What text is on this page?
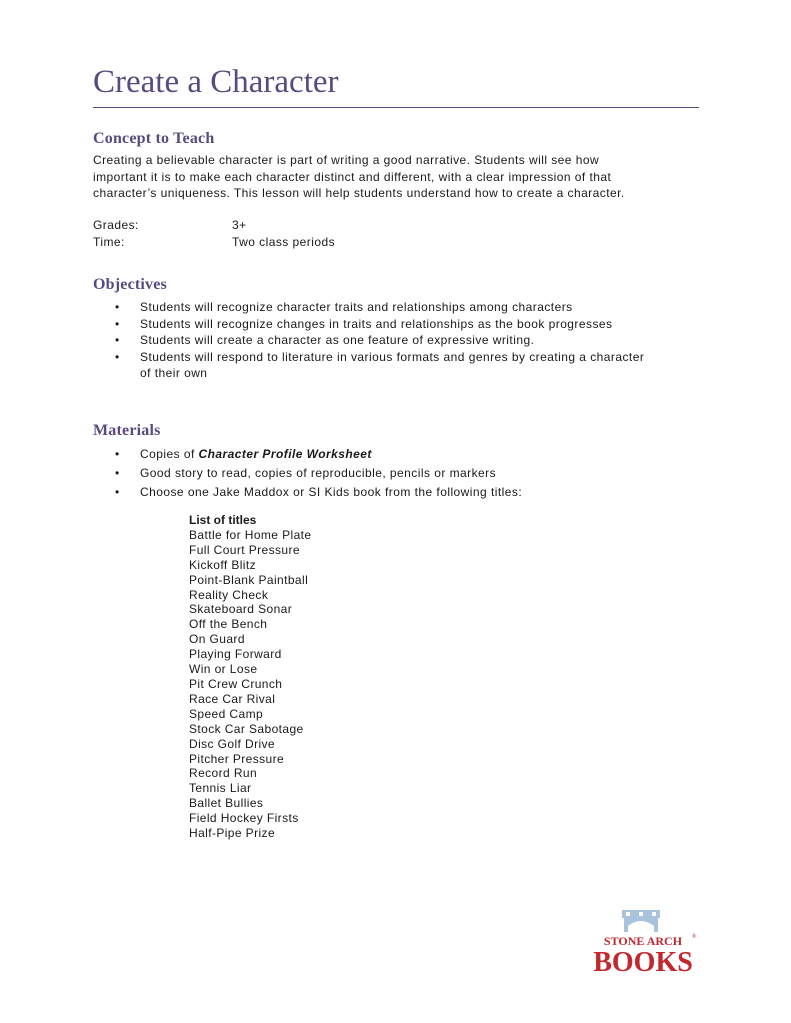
Create a Character
Concept to Teach
Creating a believable character is part of writing a good narrative. Students will see how
important it is to make each character distinct and different, with a clear impression of that
character’s uniqueness. This lesson will help students understand how to create a character.
Grades:	3+
Time:	Two class periods
Objectives
• Students will recognize character traits and relationships among characters
• Students will recognize changes in traits and relationships as the book progresses
• Students will create a character as one feature of expressive writing.
• Students will respond to literature in various formats and genres by creating a character
of their own
Materials
• Copies of Character Profile Worksheet
• Good story to read, copies of reproducible, pencils or markers
• Choose one Jake Maddox or SI Kids book from the following titles:
List of titles
Battle for Home Plate
Full Court Pressure
Kickoff Blitz
Point-Blank Paintball
Reality Check
Skateboard Sonar
Off the Bench
On Guard
Playing Forward
Win or Lose
Pit Crew Crunch
Race Car Rival
Speed Camp
Stock Car Sabotage
Disc Golf Drive
Pitcher Pressure
Record Run
Tennis Liar
Ballet Bullies
Field Hockey Firsts
Half-Pipe Prize
STONE ARCH ®
BOOKS
